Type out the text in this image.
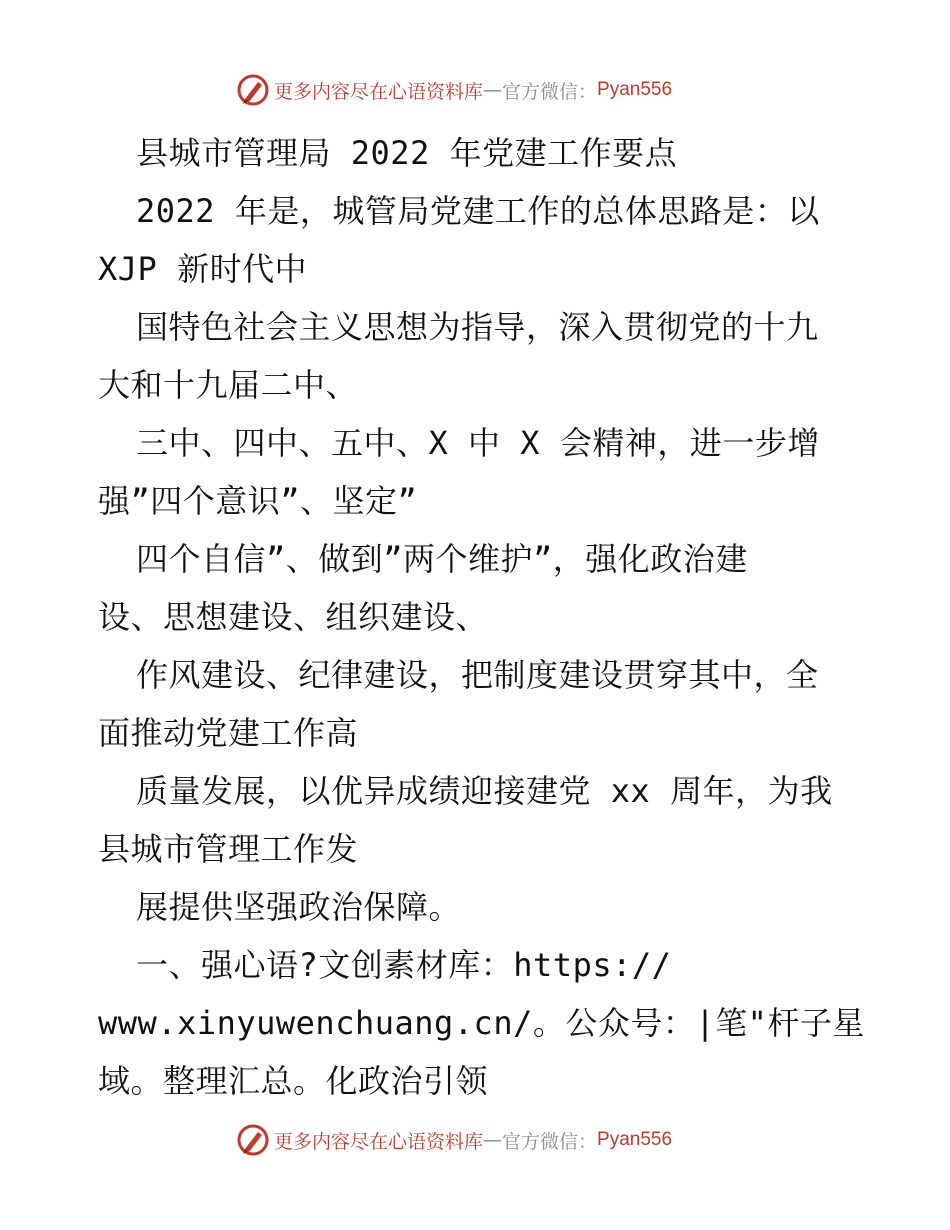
更多内容尽在心语资料库 — 官方微信： Pyan556
县城市管理局 2022 年党建工作要点
2022 年是，城管局党建工作的总体思路是：以
XJP 新时代中
国特色社会主义思想为指导，深入贯彻党的十九
大和十九届二中、
三中、四中、五中、X 中 X 会精神，进一步增
强”四个意识”、坚定”
四个自信”、做到”两个维护”，强化政治建
设、思想建设、组织建设、
作风建设、纪律建设，把制度建设贯穿其中，全
面推动党建工作高
质量发展，以优异成绩迎接建党 xx 周年，为我
县城市管理工作发
展提供坚强政治保障。
一、强心语?文创素材库：https://
www.xinyuwenchuang.cn/。公众号：|笔"杆子星
域。整理汇总。化政治引领
更多内容尽在心语资料库 — 官方微信： Pyan556
